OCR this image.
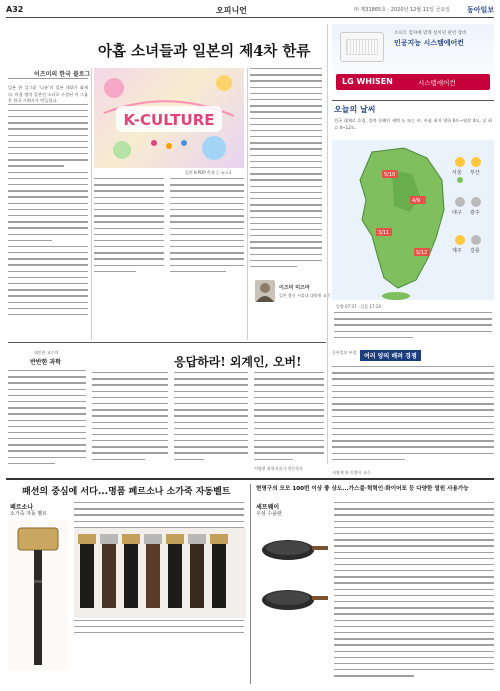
A32	오피니언	㈜ 제31865호 · 2020년 12월 11일 금요일 동아일보
아홉 소녀들과 일본의 제4차 한류
이즈미의 한국 블로그
일본 한 걸그룹 ‘니쥬’의 일본 데뷔가 화제다. 아홉 명의 일본인 소녀로 구성된 이 그룹은 한국 기획사가 만들었다.
K-CULTURE
일본 K-POP 축제 ⓒ 뉴스1
이즈미 미즈마
일본 출신 서울대 대학원 교수
소프트 컴자에 맞게 설치된 관련 장비
인공지능 시스템에어컨
LG WHISEN	시스템에어컨
오늘의 날씨
전국 대체로 흐림, 경북 동해안 새벽 눈 또는 비. 아침 최저 영하 6도~영상 4도, 낮 최고 4~12도.
5/10
4/9
3/11
5/12
서울 부산
대구 광주
제주 강릉
일출 07:37 · 일몰 17:14
대인관 교수의
반반한 과학	응답하라! 외계인, 오버!
이명현 과학저술가·천문학자
동아일보 부설
여러 양의 배려 경쟁
서영재 외 동양사 교수
패션의 중심에 서다...명품 페르소나 소가죽 자동벨트
페르소나
소가죽 자동 벨트
현명구의 모모 100번 이상 좋 상도...가스블·혁혁인·화이어포 등 다양한 열원 사용가능
세프웨이
우섬 수플랜
